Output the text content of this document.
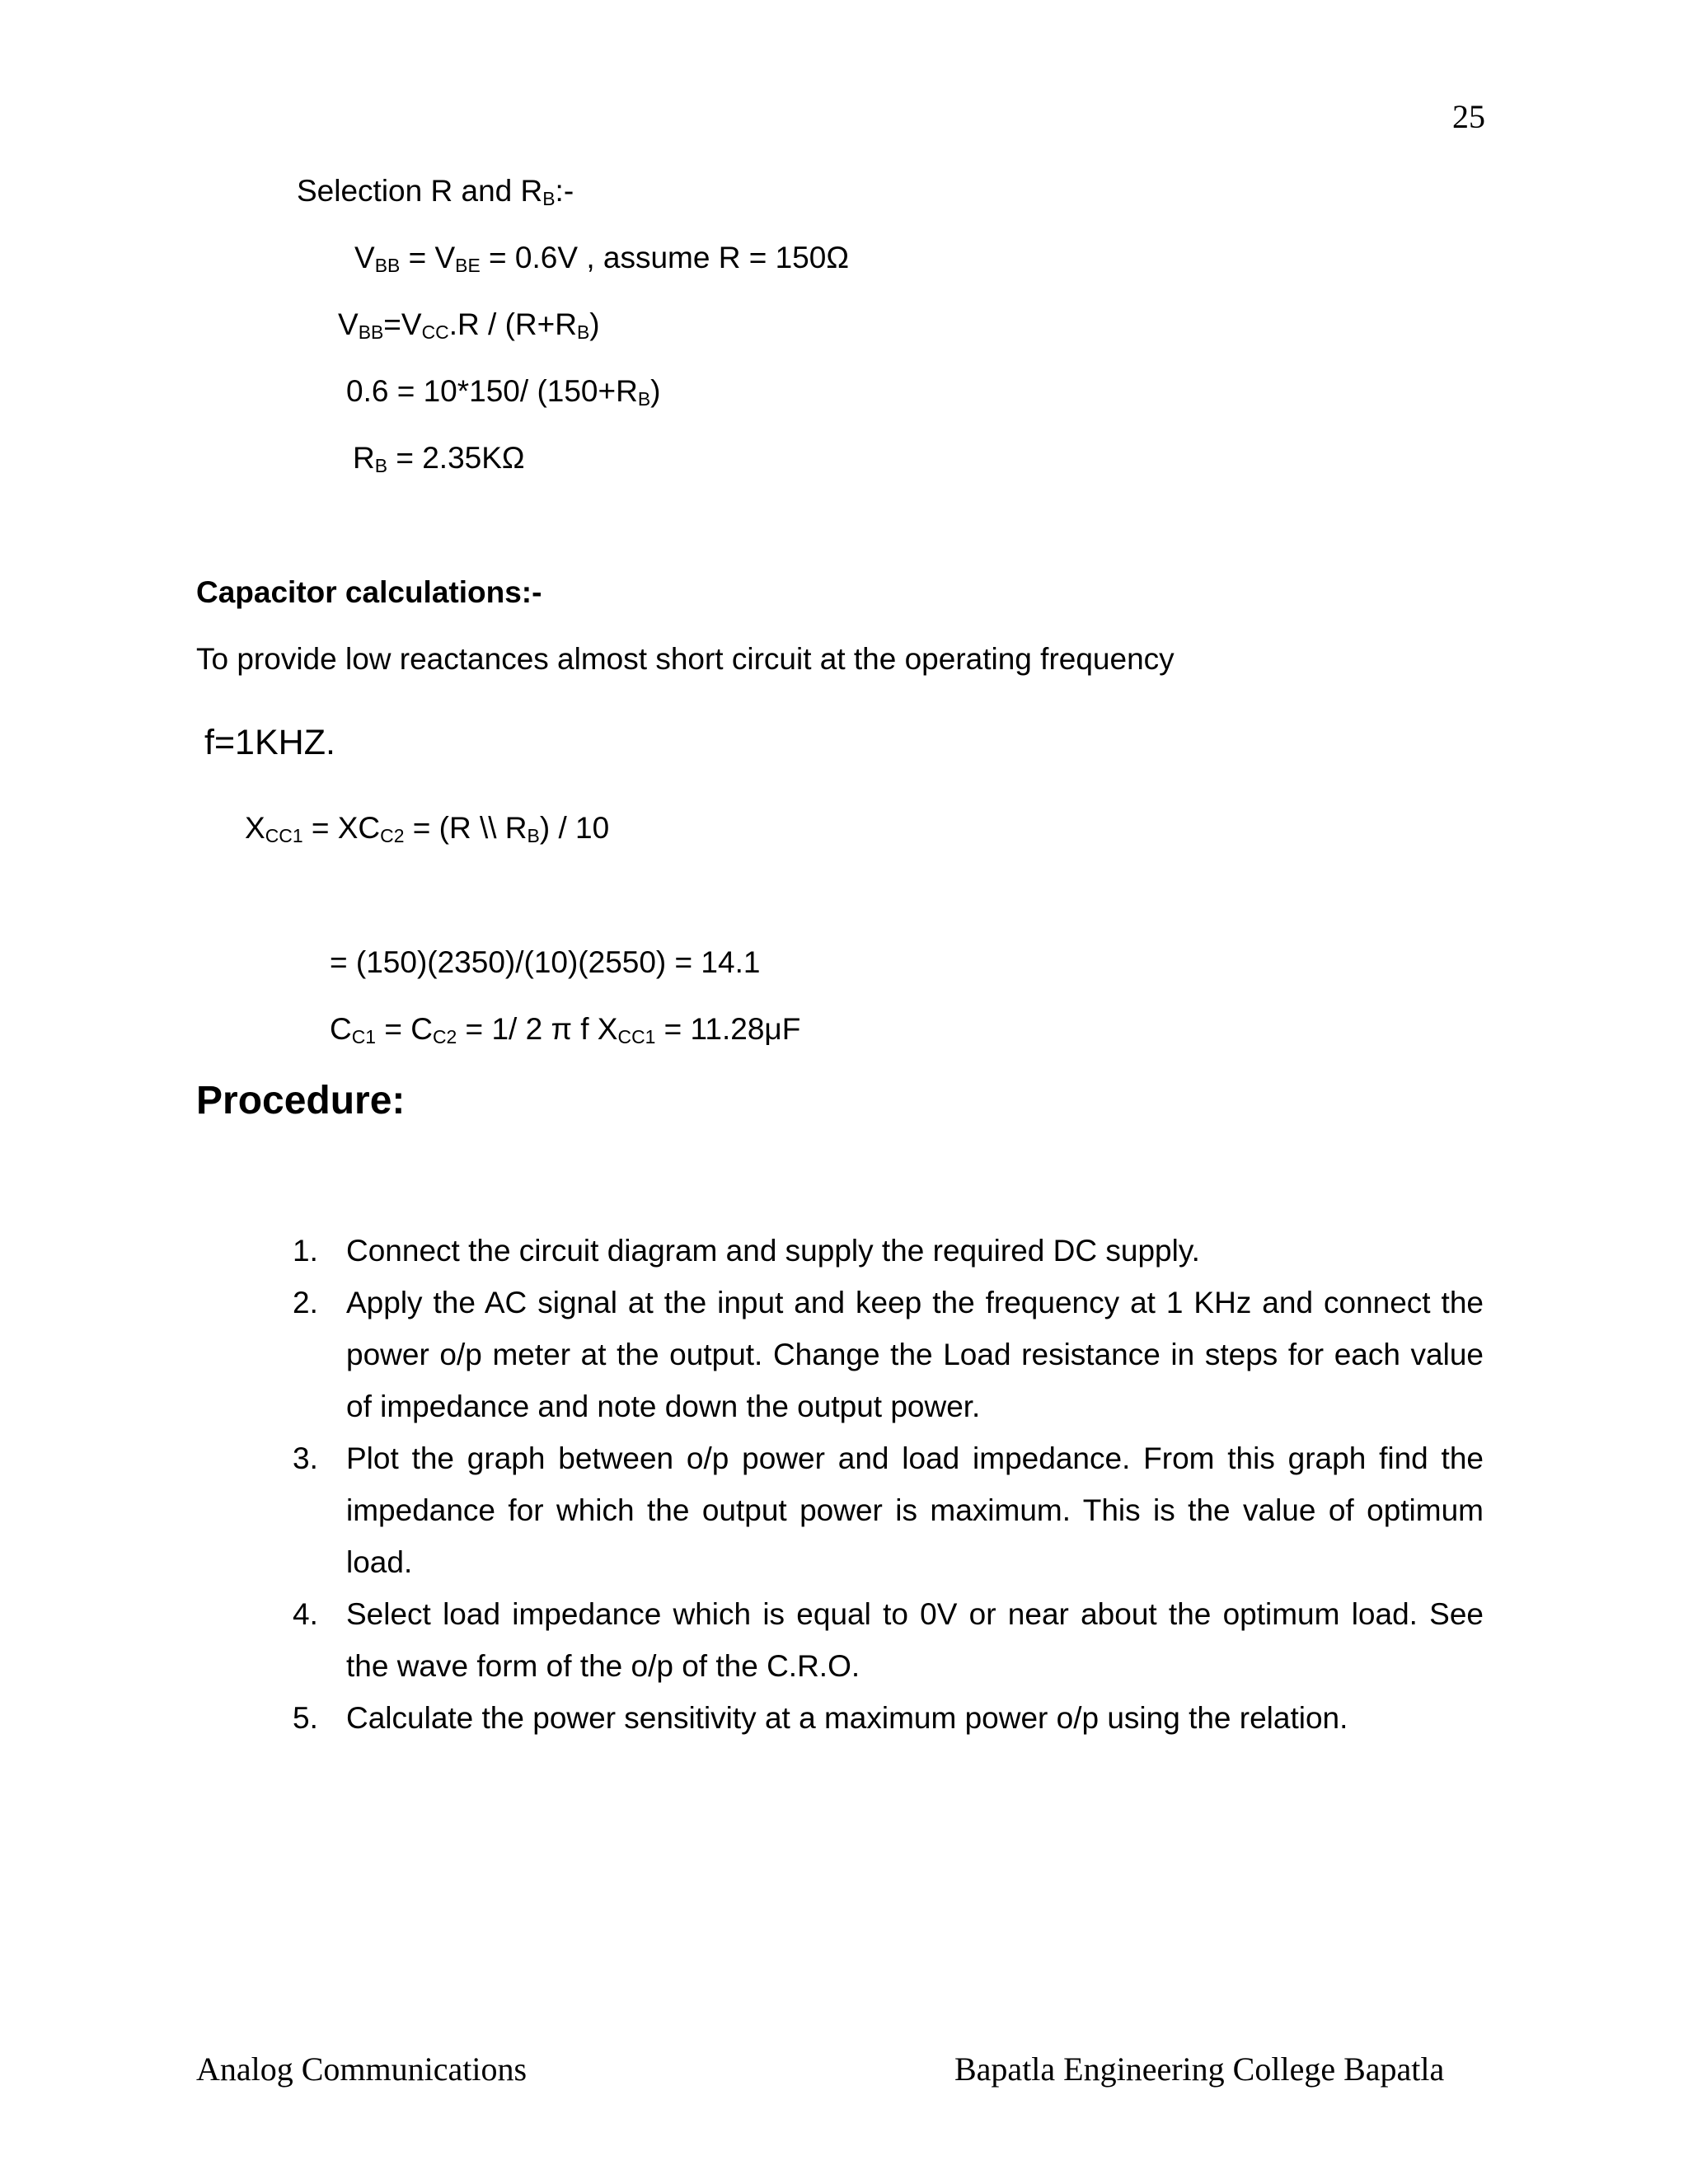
25
Selection R and $R_B:-$
$V_{BB} = V_{BE} = 0.6V$ , assume R = 150Ω
$V_{BB}=V_{CC}.R / (R+R_B)$
0.6 = 10*150/ $(150+R_B)$
$R_B = 2.35K\Omega$
Capacitor calculations:-
To provide low reactances almost short circuit at the operating frequency
f=1KHZ.
$X_{CC1} = XC_{C2} = (R$ \\ $R_B) / 10$
= (150)(2350)/(10)(2550) = 14.1
$C_{C1} = C_{C2} = 1/$ 2 π f $X_{CC1} = 11.28\mu F$
Procedure:
1. Connect the circuit diagram and supply the required DC supply.
2. Apply the AC signal at the input and keep the frequency at 1 KHz and connect the power o/p meter at the output. Change the Load resistance in steps for each value of impedance and note down the output power.
3. Plot the graph between o/p power and load impedance. From this graph find the impedance for which the output power is maximum. This is the value of optimum load.
4. Select load impedance which is equal to 0V or near about the optimum load. See the wave form of the o/p of the C.R.O.
5. Calculate the power sensitivity at a maximum power o/p using the relation.
Analog Communications	Bapatla Engineering College Bapatla
